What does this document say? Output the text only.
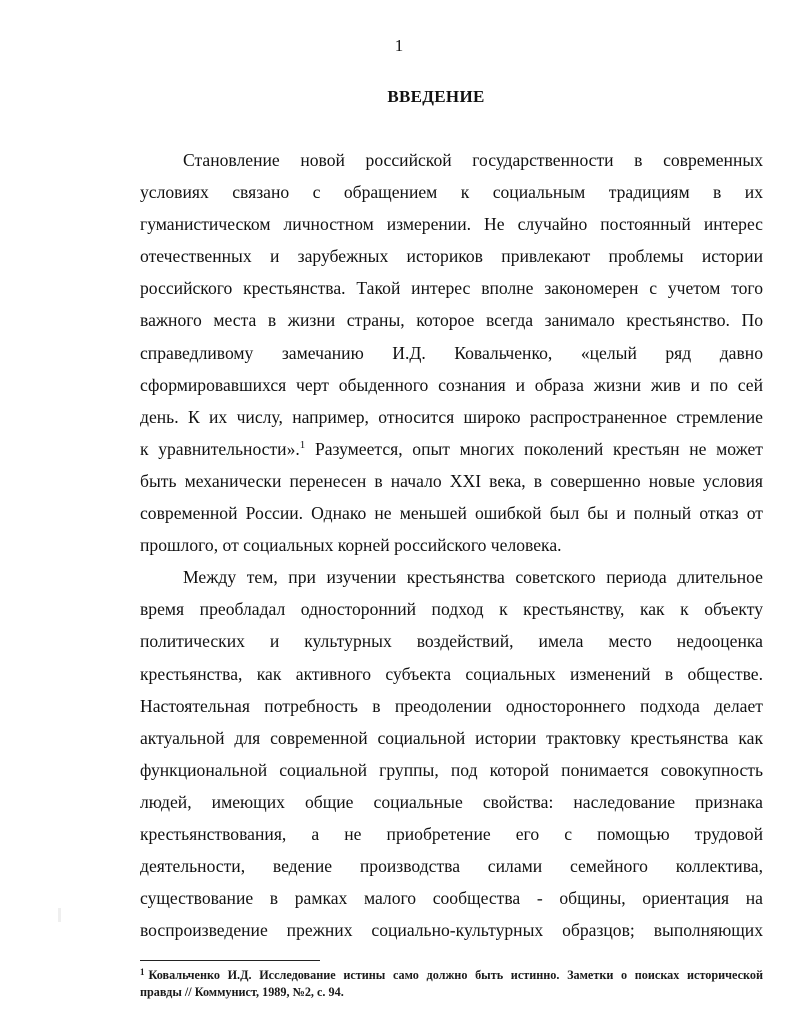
1
ВВЕДЕНИЕ
Становление новой российской государственности в современных
условиях связано с обращением к социальным традициям в их
гуманистическом личностном измерении. Не случайно постоянный интерес
отечественных и зарубежных историков привлекают проблемы истории
российского крестьянства. Такой интерес вполне закономерен с учетом того
важного места в жизни страны, которое всегда занимало крестьянство. По
справедливому замечанию И.Д. Ковальченко, «целый ряд давно
сформировавшихся черт обыденного сознания и образа жизни жив и по сей
день. К их числу, например, относится широко распространенное стремление
к уравнительности».$^1$ Разумеется, опыт многих поколений крестьян не может
быть механически перенесен в начало XXI века, в совершенно новые условия
современной России. Однако не меньшей ошибкой был бы и полный отказ от
прошлого, от социальных корней российского человека.
Между тем, при изучении крестьянства советского периода длительное
время преобладал односторонний подход к крестьянству, как к объекту
политических и культурных воздействий, имела место недооценка
крестьянства, как активного субъекта социальных изменений в обществе.
Настоятельная потребность в преодолении одностороннего подхода делает
актуальной для современной социальной истории трактовку крестьянства как
функциональной социальной группы, под которой понимается совокупность
людей, имеющих общие социальные свойства: наследование признака
крестьянствования, а не приобретение его с помощью трудовой
деятельности, ведение производства силами семейного коллектива,
существование в рамках малого сообщества - общины, ориентация на
воспроизведение прежних социально-культурных образцов; выполняющих
$^1$ Ковальченко И.Д. Исследование истины само должно быть истинно. Заметки о поисках исторической
правды // Коммунист, 1989, №2, с. 94.
